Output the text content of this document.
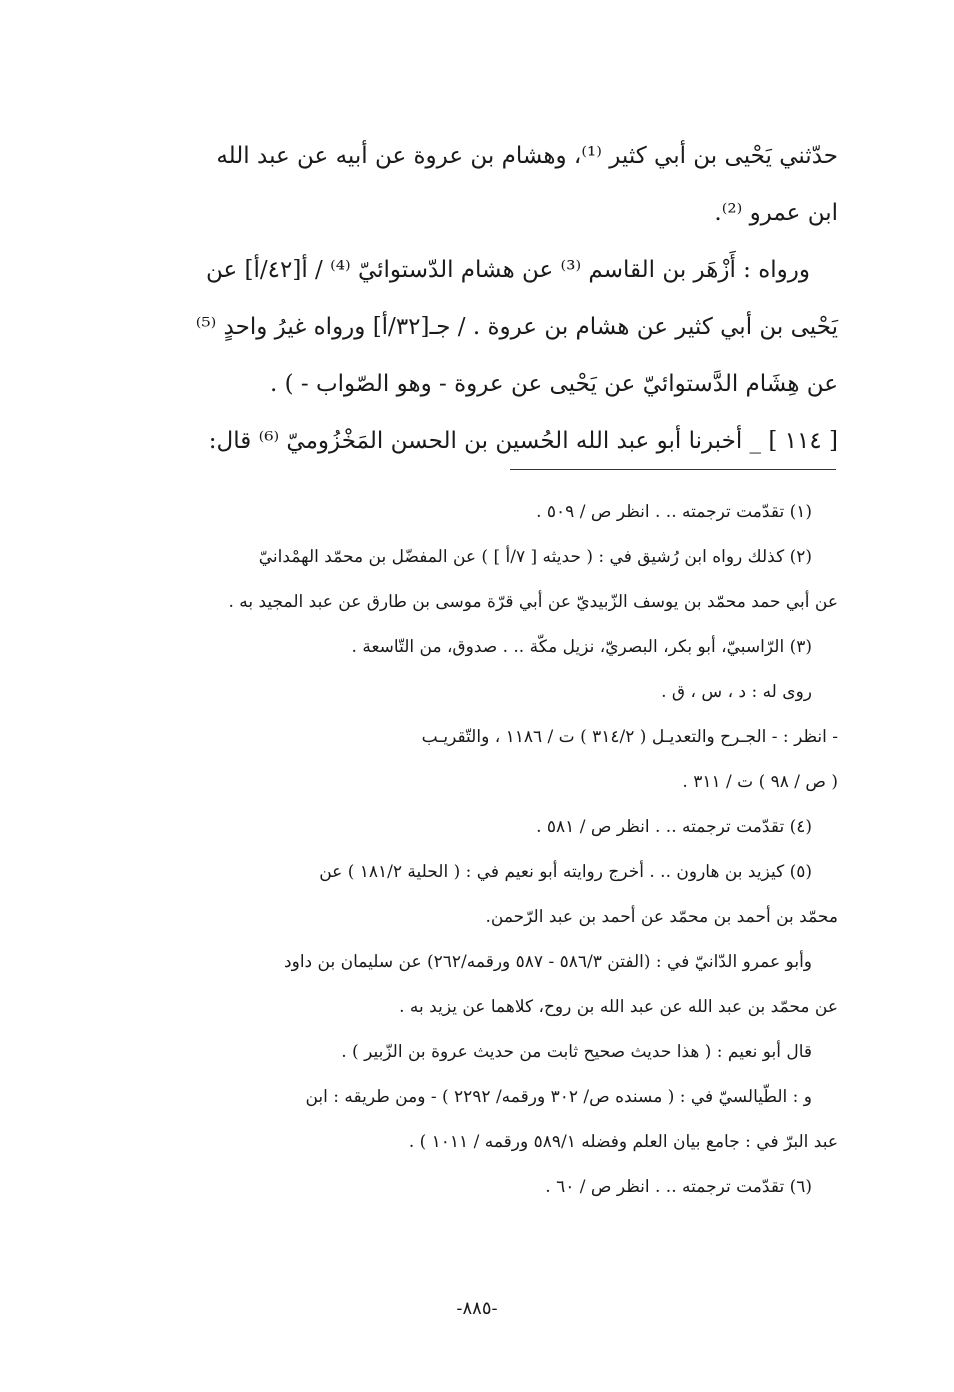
حدّثني يَحْيى بن أبي كثير ⁽¹⁾، وهشام بن عروة عن أبيه عن عبد الله

ابن عمرو ⁽²⁾.

ورواه : أَزْهَر بن القاسم ⁽³⁾ عن هشام الدّستوائيّ ⁽⁴⁾ / أ[٤٢/أ] عن

يَحْيى بن أبي كثير عن هشام بن عروة . / جـ[٣٢/أ] ورواه غيرُ واحدٍ ⁽⁵⁾

عن هِشَام الدَّستوائيّ عن يَحْيى عن عروة - وهو الصّواب - ) .

[ ١١٤ ] _ أخبرنا أبو عبد الله الحُسين بن الحسن المَخْزُوميّ ⁽⁶⁾ قال:

(١) تقدّمت ترجمته .. . انظر ص / ٥٠٩ .

(٢) كذلك رواه ابن رُشيق في : ( حديثه [ ٧/أ ] ) عن المفضّل بن محمّد الهمْدانيّ

عن أبي حمد محمّد بن يوسف الزّبيديّ عن أبي قرّة موسى بن طارق عن عبد المجيد به .

(٣) الرّاسبيّ، أبو بكر، البصريّ، نزيل مكّة .. . صدوق، من التّاسعة .

روى له : د ، س ، ق .

- انظر : - الجـرح والتعديـل ( ٣١٤/٢ ) ت / ١١٨٦ ، والتّقريـب

( ص / ٩٨ ) ت / ٣١١ .

(٤) تقدّمت ترجمته .. . انظر ص / ٥٨١ .

(٥) كيزيد بن هارون .. . أخرج روايته أبو نعيم في : ( الحلية ١٨١/٢ ) عن

محمّد بن أحمد بن محمّد عن أحمد بن عبد الرّحمن.

وأبو عمرو الدّانيّ في : (الفتن ٥٨٦/٣ - ٥٨٧ ورقمه/٢٦٢) عن سليمان بن داود

عن محمّد بن عبد الله عن عبد الله بن روح، كلاهما عن يزيد به .

قال أبو نعيم : ( هذا حديث صحيح ثابت من حديث عروة بن الزّبير ) .

و : الطّيالسيّ في : ( مسنده ص/ ٣٠٢ ورقمه/ ٢٢٩٢ ) - ومن طريقه : ابن

عبد البرّ في : جامع بيان العلم وفضله ٥٨٩/١ ورقمه / ١٠١١ ) .

(٦) تقدّمت ترجمته .. . انظر ص / ٦٠ .

-٨٨٥-
